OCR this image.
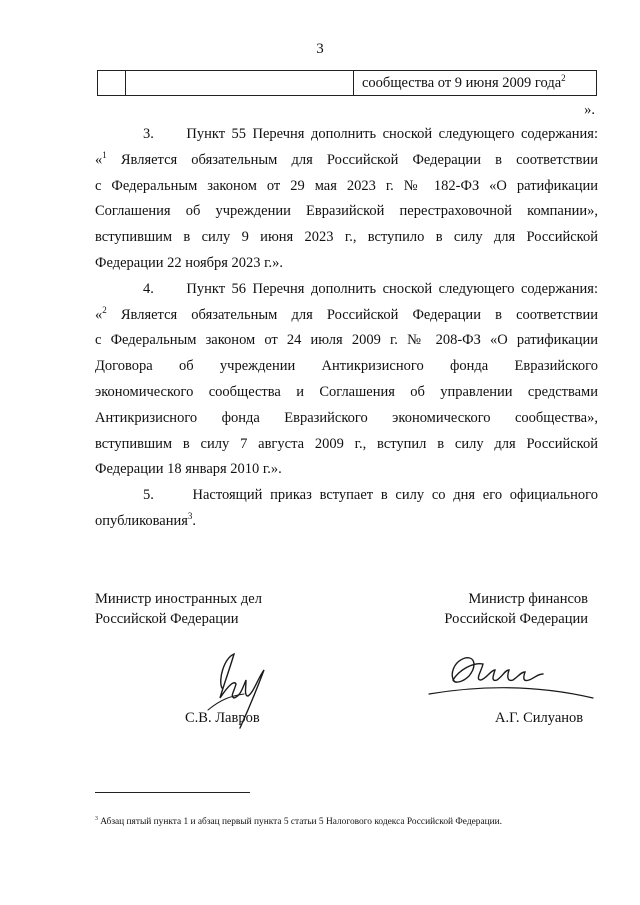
3
сообщества от 9 июня 2009 года$^2$
».

3.     Пункт 55 Перечня дополнить сноской следующего содержания:
«$^1$ Является обязательным для Российской Федерации в соответствии
с Федеральным законом от 29 мая 2023 г. № 182-ФЗ «О ратификации
Соглашения об учреждении Евразийской перестраховочной компании»,
вступившим в силу 9 июня 2023 г., вступило в силу для Российской
Федерации 22 ноября 2023 г.».

4.     Пункт 56 Перечня дополнить сноской следующего содержания:
«$^2$ Является обязательным для Российской Федерации в соответствии
с Федеральным законом от 24 июля 2009 г. № 208-ФЗ «О ратификации
Договора об учреждении Антикризисного фонда Евразийского
экономического сообщества и Соглашения об управлении средствами
Антикризисного фонда Евразийского экономического сообщества»,
вступившим в силу 7 августа 2009 г., вступил в силу для Российской
Федерации 18 января 2010 г.».

5.     Настоящий приказ вступает в силу со дня его официального
опубликования$^3$.

Министр иностранных дел
Российской Федерации
Министр финансов
Российской Федерации
С.В. Лавров	А.Г. Силуанов
$^3$ Абзац пятый пункта 1 и абзац первый пункта 5 статьи 5 Налогового кодекса Российской Федерации.
